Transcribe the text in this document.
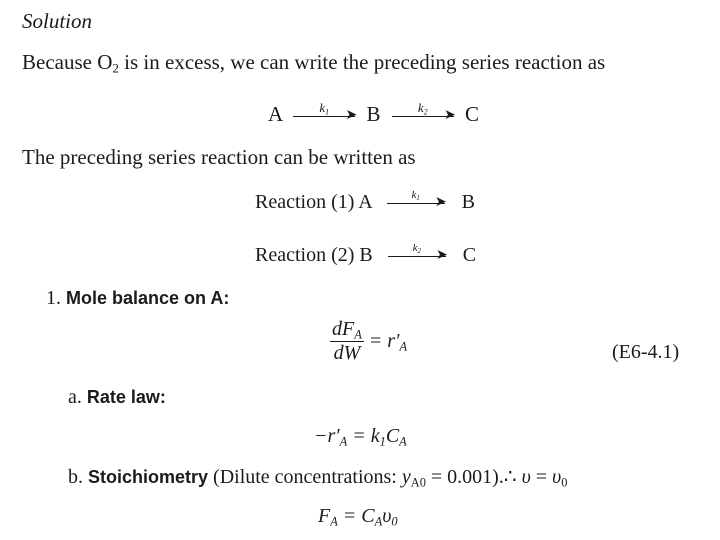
Solution
Because $O_2$ is in excess, we can write the preceding series reaction as
A	$k_1$ ➤ B	$k_2$ ➤ C
The preceding series reaction can be written as
Reaction (1) A	$k_1$ ➤ B
Reaction (2) B	$k_2$ ➤ C
1. Mole balance on A:
$\frac{dF_A}{dW} = r'_A$	(E6-4.1)
a. Rate law:
$-r'_A = k_1C_A$
b. Stoichiometry (Dilute concentrations: $y_{A0}$ = 0.001).∴ $\upsilon = \upsilon_0$
$F_A = C_A\upsilon_0$
